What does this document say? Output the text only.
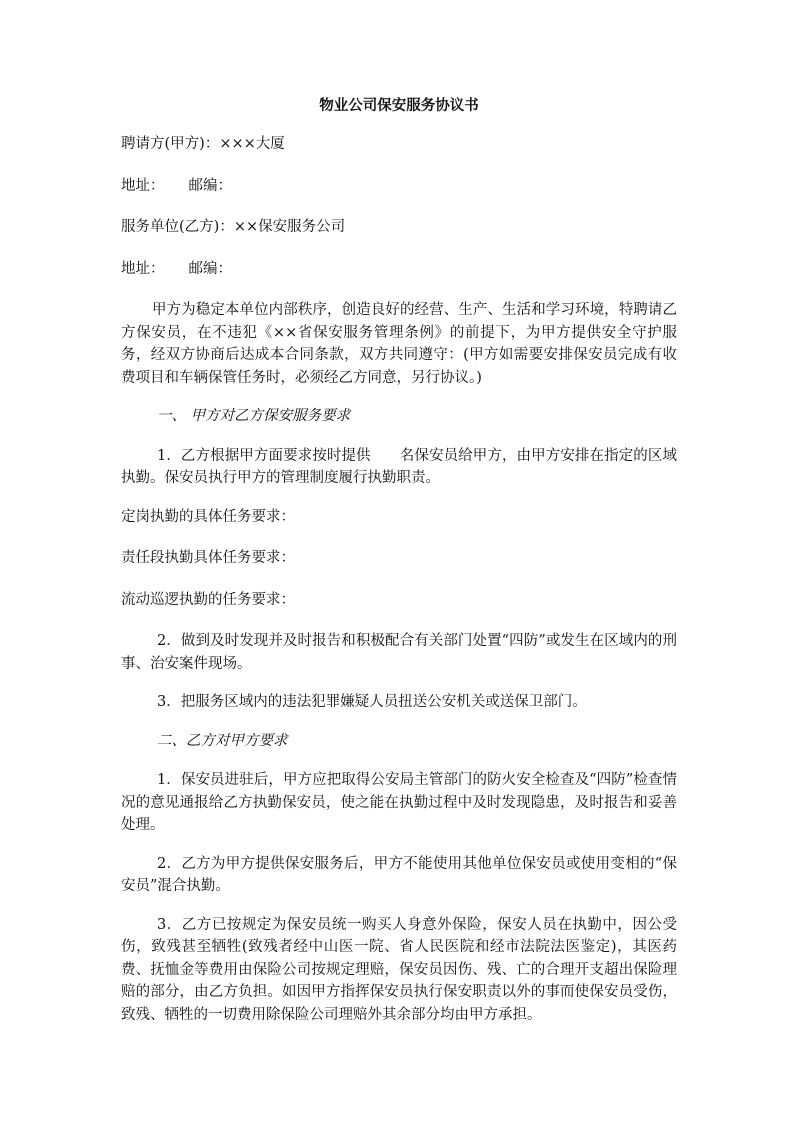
物业公司保安服务协议书

聘请方(甲方)：×××大厦

地址： 邮编：

服务单位(乙方)：××保安服务公司

地址： 邮编：

甲方为稳定本单位内部秩序，创造良好的经营、生产、生活和学习环境，特聘请乙方保安员，在不违犯《××省保安服务管理条例》的前提下，为甲方提供安全守护服务，经双方协商后达成本合同条款，双方共同遵守：(甲方如需要安排保安员完成有收费项目和车辆保管任务时，必须经乙方同意，另行协议。)

一、 甲方对乙方保安服务要求

1．乙方根据甲方面要求按时提供　　名保安员给甲方，由甲方安排在指定的区域执勤。保安员执行甲方的管理制度履行执勤职责。

定岗执勤的具体任务要求：

责任段执勤具体任务要求：

流动巡逻执勤的任务要求：

2．做到及时发现并及时报告和积极配合有关部门处置“四防”或发生在区域内的刑事、治安案件现场。

3．把服务区域内的违法犯罪嫌疑人员扭送公安机关或送保卫部门。

二、乙方对甲方要求

1．保安员进驻后，甲方应把取得公安局主管部门的防火安全检查及“四防”检查情况的意见通报给乙方执勤保安员，使之能在执勤过程中及时发现隐患，及时报告和妥善处理。

2．乙方为甲方提供保安服务后，甲方不能使用其他单位保安员或使用变相的“保安员”混合执勤。

3．乙方已按规定为保安员统一购买人身意外保险，保安人员在执勤中，因公受伤，致残甚至牺牲(致残者经中山医一院、省人民医院和经市法院法医鉴定)，其医药费、抚恤金等费用由保险公司按规定理赔，保安员因伤、残、亡的合理开支超出保险理赔的部分，由乙方负担。如因甲方指挥保安员执行保安职责以外的事而使保安员受伤，致残、牺牲的一切费用除保险公司理赔外其余部分均由甲方承担。
